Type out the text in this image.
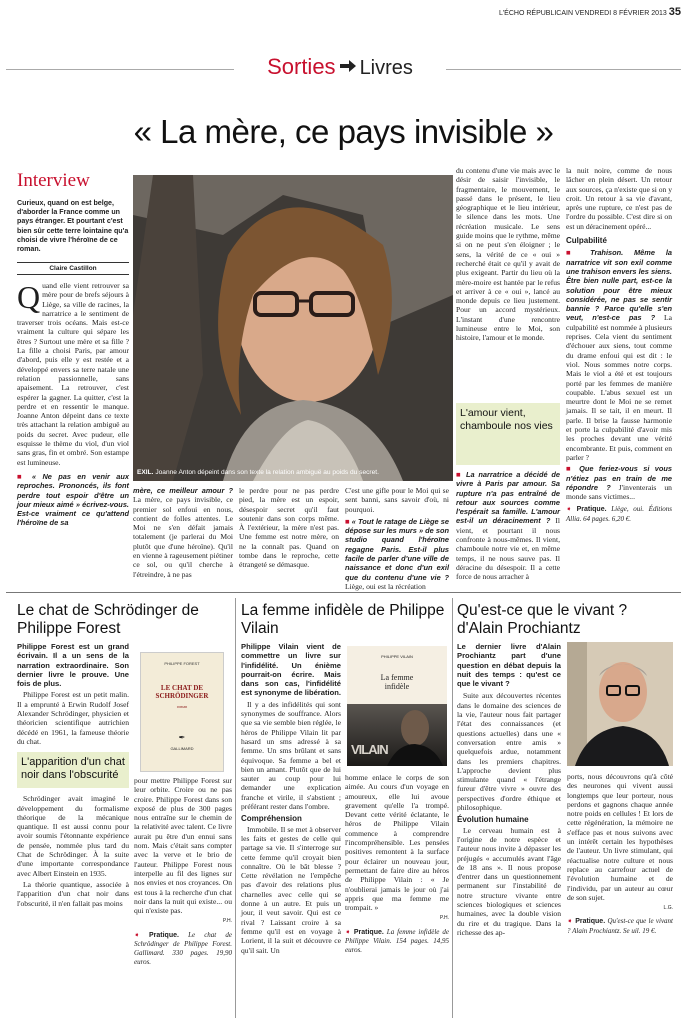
L'ÉCHO RÉPUBLICAIN VENDREDI 8 FÉVRIER 2013 35
Sorties Livres
« La mère, ce pays invisible »
Interview
Curieux, quand on est belge, d'aborder la France comme un pays étranger. Et pourtant c'est bien sûr cette terre lointaine qu'a choisi de vivre l'héroïne de ce roman.
Claire Castillon
Q uand elle vient retrouver sa mère pour de brefs séjours à Liège, sa ville de racines, la narratrice a le sentiment de traverser trois océans. Mais est-ce vraiment la culture qui sépare les êtres ? Surtout une mère et sa fille ? La fille a choisi Paris, par amour d'abord, puis elle y est restée et a développé envers sa terre natale une relation passionnelle, sans apaisement. La retrouver, c'est espérer la gagner. La quitter, c'est la perdre et en ressentir le manque. Joanne Anton dépeint dans ce texte très attachant la relation ambiguë au poids du secret. Avec pudeur, elle esquisse le thème du viol, d'un viol sans gras, fin et ombré. Son estampe est lumineuse.
■ « Ne pas en venir aux reproches. Prononcés, ils font perdre tout espoir d'être un jour mieux aimé » écrivez-vous. Est-ce vraiment ce qu'attend l'héroïne de sa
EXIL. Joanne Anton dépeint dans son texte la relation ambiguë au poids du secret.
mère, ce meilleur amour ? La mère, ce pays invisible, ce premier sol enfoui en nous, contient de folles attentes. Le Moi ne s'en défait jamais totalement (je parlerai du Moi plutôt que d'une héroïne). Qu'il en vienne à rageusement piétiner ce sol, ou qu'il cherche à l'étreindre, à ne pas
le perdre pour ne pas perdre pied, la mère est un espoir, désespoir secret qu'il faut soutenir dans son corps même. À l'extérieur, la mère n'est pas. Une femme est notre mère, on ne la connaît pas. Quand on tombe dans le reproche, cette étrangeté se démasque.
C'est une gifle pour le Moi qui se sent banni, sans savoir d'où, ni pourquoi.
■ « Tout le ratage de Liège se dépose sur les murs » de son studio quand l'héroïne regagne Paris. Est-il plus facile de parler d'une ville de naissance et donc d'un exil que du contenu d'une vie ? Liège, oui est la récréation
du contenu d'une vie mais avec le désir de saisir l'invisible, le fragmentaire, le mouvement, le passé dans le présent, le lieu géographique et le lieu intérieur, le silence dans les mots. Une récréation musicale. Le sens guide moins que le rythme, même si on ne peut s'en éloigner ; le sens, la vérité de ce « oui » recherché était ce qu'il y avait de plus exigeant. Partir du lieu où la mère-moire est hantée par le refus et arriver à ce « oui », lancé au monde depuis ce lieu justement. Pour un accord mystérieux. L'instant d'une rencontre lumineuse entre le Moi, son histoire, l'amour et le monde.
L'amour vient, chamboule nos vies
■ La narratrice a décidé de vivre à Paris par amour. Sa rupture n'a pas entraîné de retour aux sources comme l'espérait sa famille. L'amour est-il un déracinement ? Il vient, et pourtant il nous confronte à nous-mêmes. Il vient, chamboule notre vie et, en même temps, il ne nous sauve pas. Il déracine du désespoir. Il a cette force de nous arracher à
la nuit noire, comme de nous lâcher en plein désert. Un retour aux sources, ça n'existe que si on y croit. Un retour à sa vie d'avant, après une rupture, ce n'est pas de l'ordre du possible. C'est dire si on est un déracinement opéré...
Culpabilité
■ Trahison. Même la narratrice vit son exil comme une trahison envers les siens. Être bien nulle part, est-ce la solution pour être mieux considérée, ne pas se sentir bannie ? Parce qu'elle s'en veut, n'est-ce pas ? La culpabilité est nommée à plusieurs reprises. Cela vient du sentiment d'échouer aux siens, tout comme du drame enfoui qui est dit : le viol. Nous sommes notre corps. Mais le viol a été et est toujours porté par les femmes de manière coupable. L'abus sexuel est un meurtre dont le Moi ne se remet jamais. Il se tait, il en meurt. Il parle. Il brise la fausse harmonie et porte la culpabilité d'avoir mis les proches devant une vérité encombrante. Et puis, comment en parler ?
■ Que feriez-vous si vous n'étiez pas en train de me répondre ? J'inventerais un monde sans victimes...
➧ Pratique. Liège, oui. Éditions Allia. 64 pages. 6,20 €.
Le chat de Schrödinger de Philippe Forest
Philippe Forest est un grand écrivain. Il a un sens de la narration extraordinaire. Son dernier livre le prouve. Une fois de plus.

Philippe Forest est un petit malin. Il a emprunté à Erwin Rudolf Josef Alexander Schrödinger, physicien et théoricien scientifique autrichien décédé en 1961, la fameuse théorie du chat.

L'apparition d'un chat noir dans l'obscurité

Schrödinger avait imaginé le développement du formalisme théorique de la mécanique quantique. Il est aussi connu pour avoir soumis l'étonnante expérience de pensée, nommée plus tard du Chat de Schrödinger. À la suite d'une importante correspondance avec Albert Einstein en 1935.

La théorie quantique, associée à l'apparition d'un chat noir dans l'obscurité, il n'en fallait pas moins

PHILIPPE FOREST
LE CHAT DE SCHRÖDINGER
roman
✒
GALLIMARD
pour mettre Philippe Forest sur leur orbite. Croire ou ne pas croire. Philippe Forest dans son exposé de plus de 300 pages nous entraîne sur le chemin de la relativité avec talent. Ce livre aurait pu être d'un ennui sans nom. Mais c'était sans compter avec la verve et le brio de l'auteur. Philippe Forest nous interpelle au fil des lignes sur nos envies et nos croyances. On est tous à la recherche d'un chat noir dans la nuit qui existe... ou qui n'existe pas.
P.H.
➧ Pratique. Le chat de Schrödinger de Philippe Forest. Gallimard. 330 pages. 19,90 euros.
La femme infidèle de Philippe Vilain
Philippe Vilain vient de commettre un livre sur l'infidélité. Un énième pourrait-on écrire. Mais dans son cas, l'infidélité est synonyme de libération.

Il y a des infidélités qui sont synonymes de souffrance. Alors que sa vie semble bien réglée, le héros de Philippe Vilain lit par hasard un sms adressé à sa femme. Un sms brûlant et sans équivoque. Sa femme a bel et bien un amant. Plutôt que de lui sauter au coup pour lui demander une explication franche et virile, il s'abstient ; préférant rester dans l'ombre.

Compréhension

Immobile. Il se met à observer les faits et gestes de celle qui partage sa vie. Il s'interroge sur cette femme qu'il croyait bien connaître. Où le bât blesse ? Cette révélation ne l'empêche pas d'avoir des relations plus charnelles avec celle qui se donne à un autre. Et puis un jour, il veut savoir. Qui est ce rival ? Laissant croire à sa femme qu'il est en voyage à Lorient, il la suit et découvre ce qu'il sait. Un

PHILIPPE VILAIN
La femme infidèle
VILAIN
homme enlace le corps de son aimée. Au cours d'un voyage en amoureux, elle lui avoue gravement qu'elle l'a trompé. Devant cette vérité éclatante, le héros de Philippe Vilain commence à comprendre l'incompréhensible. Les pensées positives remontent à la surface pour éclairer un nouveau jour, permettant de faire dire au héros de Philippe Vilain : « Je n'oublierai jamais le jour où j'ai appris que ma femme me trompait. »
P.H.
➧ Pratique. La femme infidèle de Philippe Vilain. 154 pages. 14,95 euros.
Qu'est-ce que le vivant ? d'Alain Prochiantz
Le dernier livre d'Alain Prochiantz part d'une question en débat depuis la nuit des temps : qu'est ce que le vivant ?

Suite aux découvertes récentes dans le domaine des sciences de la vie, l'auteur nous fait partager l'état des connaissances (et questions actuelles) dans une « conversation entre amis » quelquefois ardue, notamment dans les premiers chapitres. L'approche devient plus stimulante quand « l'étrange fureur d'être vivre » ouvre des perspectives d'ordre éthique et philosophique.

Évolution humaine

Le cerveau humain est à l'origine de notre espèce et l'auteur nous invite à dépasser les préjugés « accumulés avant l'âge de 18 ans ». Il nous propose d'entrer dans un questionnement permanent sur l'instabilité de notre structure vivante entre sciences biologiques et sciences humaines, avec la double vision du rire et du tragique. Dans la richesse des ap-

ports, nous découvrons qu'à côté des neurones qui vivent aussi longtemps que leur porteur, nous perdons et gagnons chaque année notre poids en cellules ! Et lors de cette régénération, la mémoire ne s'efface pas et nous suivons avec un intérêt certain les hypothèses de l'auteur. Un livre stimulant, qui réactualise notre culture et nous replace au carrefour actuel de l'évolution humaine et de l'individu, par un auteur au cœur de son sujet.
L.G.
➧ Pratique. Qu'est-ce que le vivant ? Alain Prochiantz. Se uil. 19 €.
